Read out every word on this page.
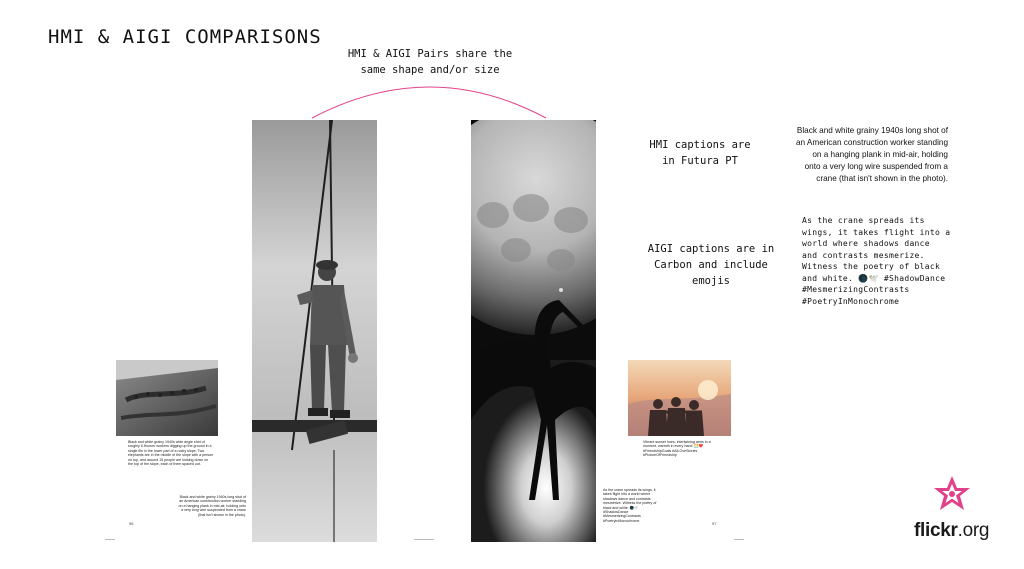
HMI & AIGI COMPARISONS
HMI & AIGI Pairs share the
same shape and/or size
Black and white grainy 1940s wide angle shot of roughly 6 Hoover workers digging up the ground in a single file in the lower part of a rocky slope. Two elephants are in the middle of the slope with a person on top, and around 15 people are looking down on the top of the slope, each of them spaced out.
Black and white grainy 1940s long shot of an American construction worker standing on a hanging plank in mid-air, holding onto a very long wire suspended from a crane (that isn't shown in the photo).
96
As the crane spreads its wings, it takes flight into a world where shadows dance and contrasts mesmerize. Witness the poetry of black and white. 🌑🕊️ #ShadowDance #MesmerizingContrasts #PoetryInMonochrome
Vibrant sunset hues, intertwining arms in a moment, warmth in every hand. 🌅❤️ #FriendshipGoals #AILOveStories #PictureOfFriendship
97
HMI captions are
in Futura PT
AIGI captions are in
Carbon and include
emojis
Black and white grainy 1940s long shot of
an American construction worker standing
on a hanging plank in mid-air, holding
onto a very long wire suspended from a
crane (that isn't shown in the photo).
As the crane spreads its
wings, it takes flight into a
world where shadows dance
and contrasts mesmerize.
Witness the poetry of black
and white. 🌑🕊️ #ShadowDance
#MesmerizingContrasts
#PoetryInMonochrome
flickr.org
